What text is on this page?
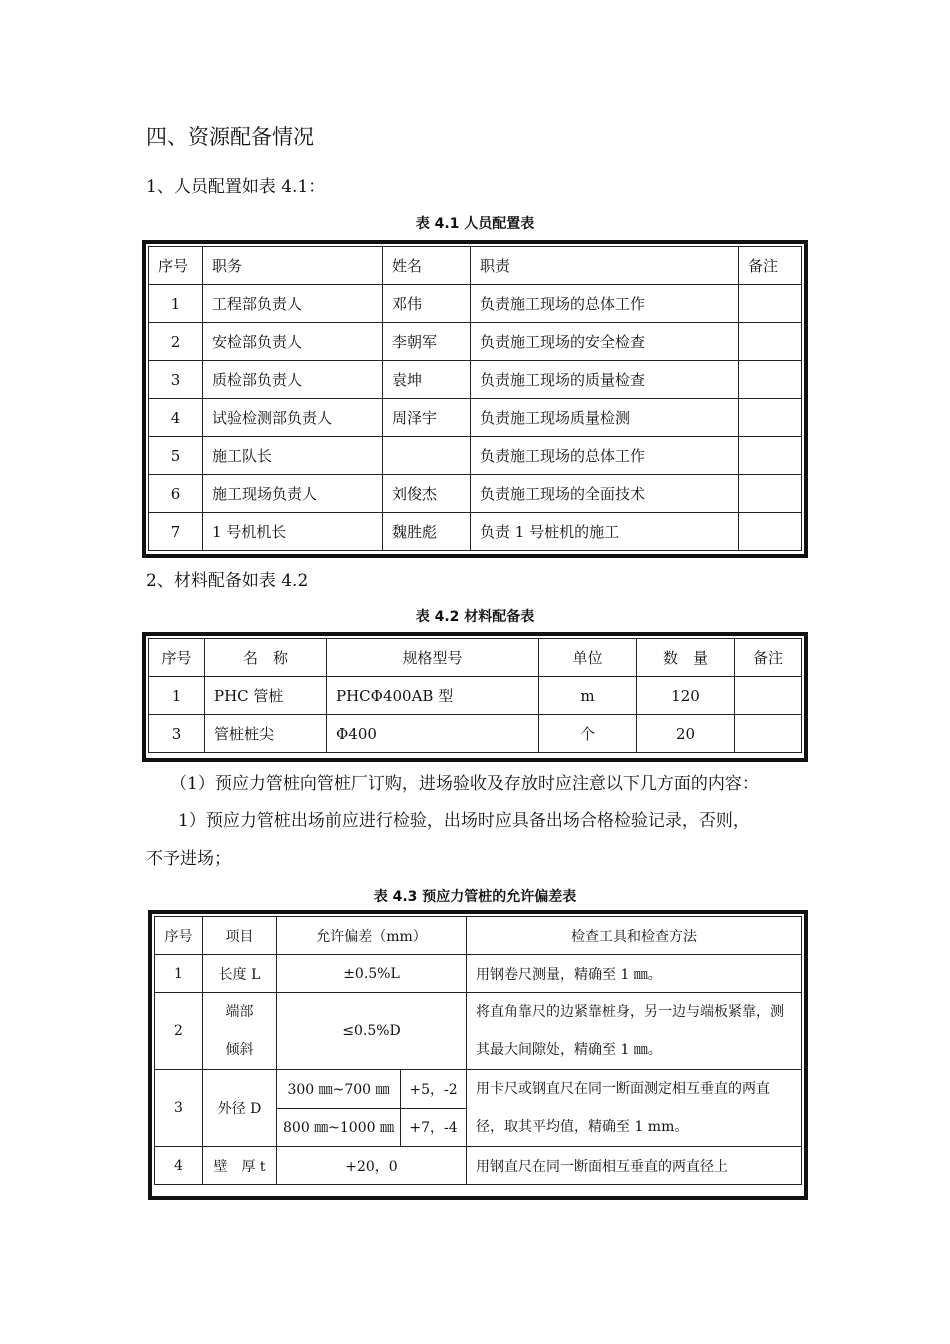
四、资源配备情况
1、人员配置如表 4.1：
表 4.1 人员配置表
序号	职务	姓名	职责	备注
1	工程部负责人	邓伟	负责施工现场的总体工作	
2	安检部负责人	李朝军	负责施工现场的安全检查	
3	质检部负责人	袁坤	负责施工现场的质量检查	
4	试验检测部负责人	周泽宇	负责施工现场质量检测	
5	施工队长		负责施工现场的总体工作	
6	施工现场负责人	刘俊杰	负责施工现场的全面技术	
7	1 号机机长	魏胜彪	负责 1 号桩机的施工	
2、材料配备如表 4.2
表 4.2 材料配备表
序号	名　称	规格型号	单位	数　量	备注
1	PHC 管桩	PHCΦ400AB 型	m	120	
3	管桩桩尖	Φ400	个	20	
（1）预应力管桩向管桩厂订购，进场验收及存放时应注意以下几方面的内容：
1）预应力管桩出场前应进行检验，出场时应具备出场合格检验记录，否则，
不予进场；
表 4.3 预应力管桩的允许偏差表
序号	项目	允许偏差（mm）		检查工具和检查方法
1	长度 L	±0.5%L		用钢卷尺测量，精确至 1 ㎜。
2	端部
倾斜	≤0.5%D		将直角靠尺的边紧靠桩身，另一边与端板紧靠，测其最大间隙处，精确至 1 ㎜。
3	外径 D	300 ㎜~700 ㎜	+5，-2	用卡尺或钢直尺在同一断面测定相互垂直的两直径，取其平均值，精确至 1 mm。
		800 ㎜~1000 ㎜	+7，-4	
4	壁　厚 t	+20，0		用钢直尺在同一断面相互垂直的两直径上
